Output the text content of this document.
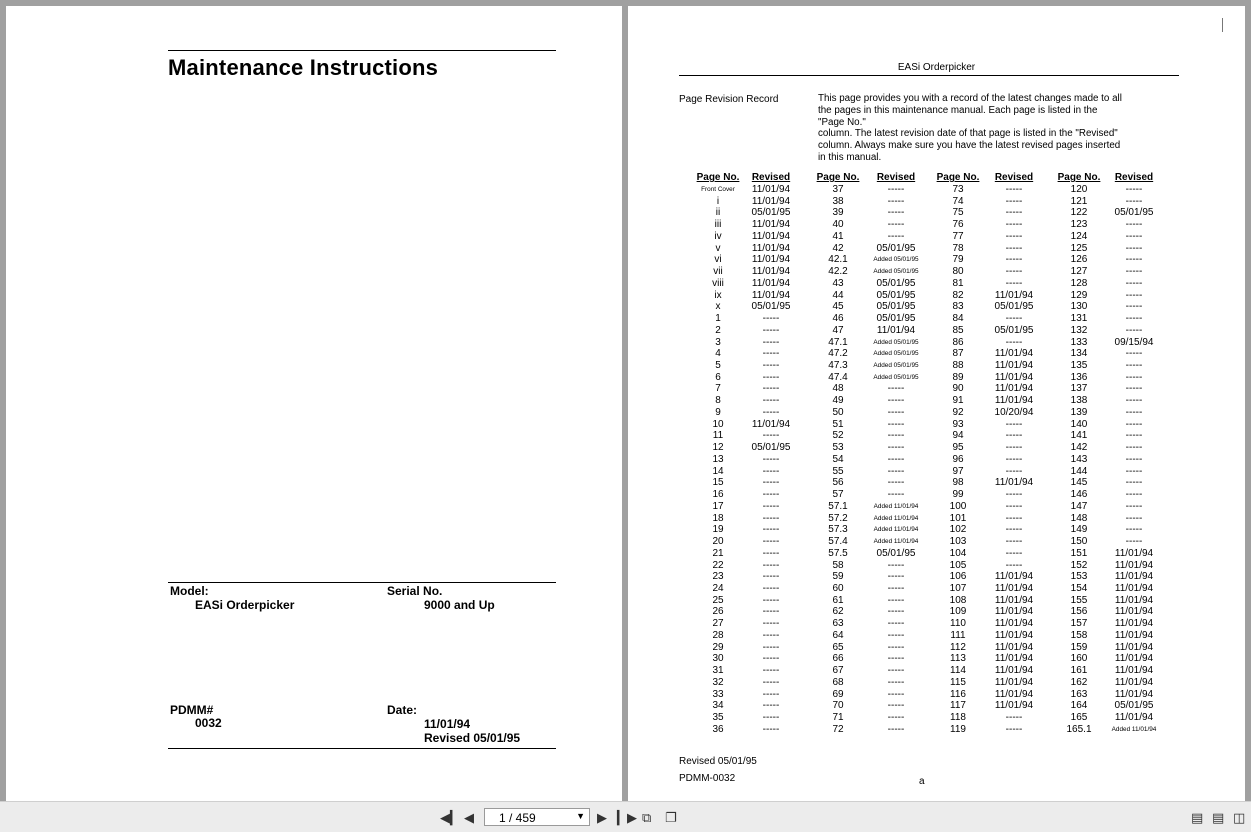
Maintenance Instructions
Model:
EASi Orderpicker
Serial No.
9000 and Up
PDMM#
0032
Date:
11/01/94
Revised 05/01/95
EASi Orderpicker
Page Revision Record	This page provides you with a record of the latest changes made to all
the pages in this maintenance manual. Each page is listed in the
"Page No."
column. The latest revision date of that page is listed in the "Revised"
column. Always make sure you have the latest revised pages inserted
in this manual.
Page No.	Revised
Front Cover	11/01/94
i	11/01/94
ii	05/01/95
iii	11/01/94
iv	11/01/94
v	11/01/94
vi	11/01/94
vii	11/01/94
viii	11/01/94
ix	11/01/94
x	05/01/95
1	-----
2	-----
3	-----
4	-----
5	-----
6	-----
7	-----
8	-----
9	-----
10	11/01/94
11	-----
12	05/01/95
13	-----
14	-----
15	-----
16	-----
17	-----
18	-----
19	-----
20	-----
21	-----
22	-----
23	-----
24	-----
25	-----
26	-----
27	-----
28	-----
29	-----
30	-----
31	-----
32	-----
33	-----
34	-----
35	-----
36	-----
Page No.	Revised
37	-----
38	-----
39	-----
40	-----
41	-----
42	05/01/95
42.1	Added 05/01/95
42.2	Added 05/01/95
43	05/01/95
44	05/01/95
45	05/01/95
46	05/01/95
47	11/01/94
47.1	Added 05/01/95
47.2	Added 05/01/95
47.3	Added 05/01/95
47.4	Added 05/01/95
48	-----
49	-----
50	-----
51	-----
52	-----
53	-----
54	-----
55	-----
56	-----
57	-----
57.1	Added 11/01/94
57.2	Added 11/01/94
57.3	Added 11/01/94
57.4	Added 11/01/94
57.5	05/01/95
58	-----
59	-----
60	-----
61	-----
62	-----
63	-----
64	-----
65	-----
66	-----
67	-----
68	-----
69	-----
70	-----
71	-----
72	-----
Page No.	Revised
73	-----
74	-----
75	-----
76	-----
77	-----
78	-----
79	-----
80	-----
81	-----
82	11/01/94
83	05/01/95
84	-----
85	05/01/95
86	-----
87	11/01/94
88	11/01/94
89	11/01/94
90	11/01/94
91	11/01/94
92	10/20/94
93	-----
94	-----
95	-----
96	-----
97	-----
98	11/01/94
99	-----
100	-----
101	-----
102	-----
103	-----
104	-----
105	-----
106	11/01/94
107	11/01/94
108	11/01/94
109	11/01/94
110	11/01/94
111	11/01/94
112	11/01/94
113	11/01/94
114	11/01/94
115	11/01/94
116	11/01/94
117	11/01/94
118	-----
119	-----
Page No.	Revised
120	-----
121	-----
122	05/01/95
123	-----
124	-----
125	-----
126	-----
127	-----
128	-----
129	-----
130	-----
131	-----
132	-----
133	09/15/94
134	-----
135	-----
136	-----
137	-----
138	-----
139	-----
140	-----
141	-----
142	-----
143	-----
144	-----
145	-----
146	-----
147	-----
148	-----
149	-----
150	-----
151	11/01/94
152	11/01/94
153	11/01/94
154	11/01/94
155	11/01/94
156	11/01/94
157	11/01/94
158	11/01/94
159	11/01/94
160	11/01/94
161	11/01/94
162	11/01/94
163	11/01/94
164	05/01/95
165	11/01/94
165.1	Added 11/01/94
Revised 05/01/95
PDMM-0032	a
◀▎ ◀ 1 / 459	▼ ▶ ▎▶ ⧉ ❐	▤ ▤ ◫
